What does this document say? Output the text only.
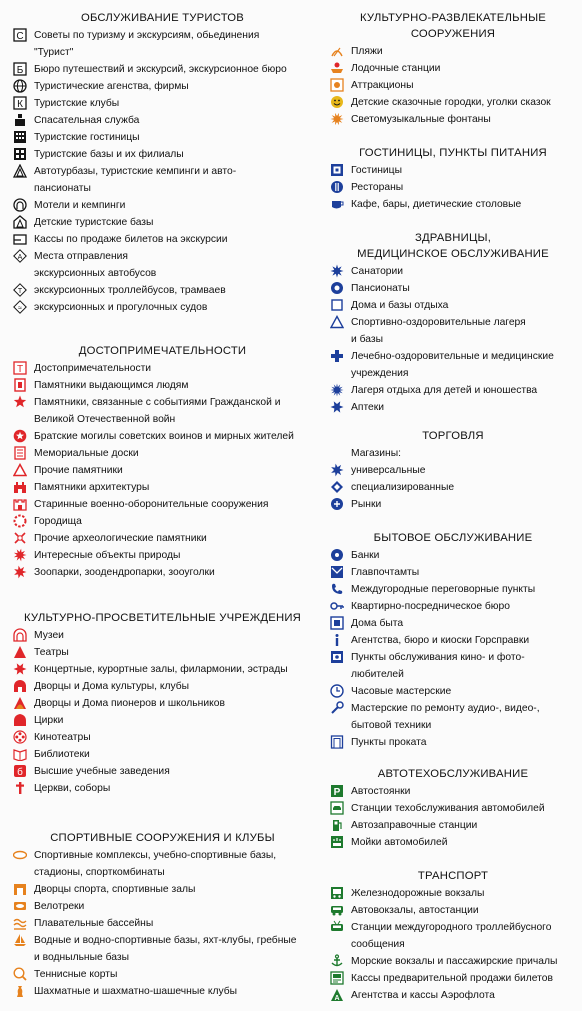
ОБСЛУЖИВАНИЕ ТУРИСТОВ
С Советы по туризму и экскурсиям, обьединения
"Турист"
Б Бюро путешествий и экскурсий, экскурсионное бюро
Туристические агенства, фирмы
К Туристские клубы
Спасательная служба
Туристские гостиницы
Туристские базы и их филиалы
Автотурбазы, туристские кемпинги и авто-
пансионаты
Мотели и кемпинги
Детские туристские базы
Кассы по продаже билетов на экскурсии
А Места отправления
экскурсионных автобусов
Т экскурсионных троллейбусов, трамваев
≈ экскурсионных и прогулочных судов
ДОСТОПРИМЕЧАТЕЛЬНОСТИ
Т Достопримечательности
Памятники выдающимся людям
Памятники, связанные с событиями Гражданской и
Великой Отечественной войн
Братские могилы советских воинов и мирных жителей
Мемориальные доски
Прочие памятники
Памятники архитектуры
Старинные военно-оборонительные сооружения
Городища
Прочие археологические памятники
Интересные объекты природы
Зоопарки, зоодендропарки, зооуголки
КУЛЬТУРНО-ПРОСВЕТИТЕЛЬНЫЕ УЧРЕЖДЕНИЯ
Музеи
Театры
Концертные, курортные залы, филармонии, эстрады
Дворцы и Дома культуры, клубы
Дворцы и Дома пионеров и школьников
Цирки
Кинотеатры
Библиотеки
б Высшие учебные заведения
Церкви, соборы
СПОРТИВНЫЕ СООРУЖЕНИЯ И КЛУБЫ
Спортивные комплексы, учебно-спортивные базы,
стадионы, спорткомбинаты
Дворцы спорта, спортивные залы
Велотреки
Плавательные бассейны
Водные и водно-спортивные базы, яхт-клубы, гребные
и водныльные базы
Теннисные корты
Шахматные и шахматно-шашечные клубы
КУЛЬТУРНО-РАЗВЛЕКАТЕЛЬНЫЕ
СООРУЖЕНИЯ
Пляжи
Лодочные станции
Аттракционы
Детские сказочные городки, уголки сказок
Светомузыкальные фонтаны
ГОСТИНИЦЫ, ПУНКТЫ ПИТАНИЯ
Гостиницы
Рестораны
Кафе, бары, диетические столовые
ЗДРАВНИЦЫ,
МЕДИЦИНСКОЕ ОБСЛУЖИВАНИЕ
Санатории
Пансионаты
Дома и базы отдыха
Спортивно-оздоровительные лагеря
и базы
Лечебно-оздоровительные и медицинские
учреждения
Лагеря отдыха для детей и юношества
Аптеки
ТОРГОВЛЯ
Магазины:
универсальные
специализированные
Рынки
БЫТОВОЕ ОБСЛУЖИВАНИЕ
Банки
Главпочтамты
Междугородные переговорные пункты
Квартирно-посредническое бюро
Дома быта
Агентства, бюро и киоски Горсправки
Пункты обслуживания кино- и фото-
любителей
Часовые мастерские
Мастерские по ремонту аудио-, видео-,
бытовой техники
Пункты проката
АВТОТЕХОБСЛУЖИВАНИЕ
P Автостоянки
Станции техобслуживания автомобилей
Автозаправочные станции
Мойки автомобилей
ТРАНСПОРТ
Железнодорожные вокзалы
Автовокзалы, автостанции
Станции междугородного троллейбусного
сообщения
Морские вокзалы и пассажирские причалы
Кассы предварительной продажи билетов
A Агентства и кассы Аэрофлота
